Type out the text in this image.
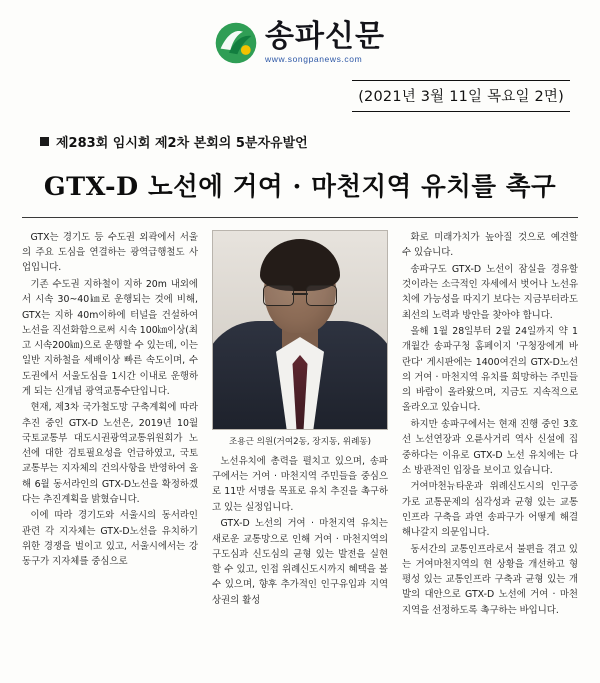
송파신문
www.songpanews.com
(2021년 3월 11일 목요일 2면)
제283회 임시회 제2차 본회의 5분자유발언
GTX-D 노선에 거여 · 마천지역 유치를 촉구

GTX는 경기도 등 수도권 외곽에서 서울의 주요 도심을 연결하는 광역급행철도 사업입니다.

기존 수도권 지하철이 지하 20m 내외에서 시속 30~40㎞로 운행되는 것에 비해, GTX는 지하 40m이하에 터널을 건설하여 노선을 직선화함으로써 시속 100㎞이상(최고 시속200㎞)으로 운행할 수 있는데, 이는 일반 지하철을 세배이상 빠른 속도이며, 수도권에서 서울도심을 1시간 이내로 운행하게 되는 신개념 광역교통수단입니다.

현재, 제3차 국가철도망 구축계획에 따라 추진 중인 GTX-D 노선은, 2019년 10월 국토교통부 대도시권광역교통위원회가 노선에 대한 검토필요성을 언급하였고, 국토교통부는 지자체의 건의사항을 반영하여 올해 6월 동서라인의 GTX-D노선을 확정하겠다는 추진계획을 밝혔습니다.

이에 따라 경기도와 서울시의 동서라인 관련 각 지자체는 GTX-D노선을 유치하기 위한 경쟁을 벌이고 있고, 서울시에서는 강동구가 지자체를 중심으로

조용근 의원(거여2동, 장지동, 위례동)

노선유치에 총력을 펼치고 있으며, 송파구에서는 거여 · 마천지역 주민들을 중심으로 11만 서명을 목표로 유치 추진을 촉구하고 있는 실정입니다.

GTX-D 노선의 거여 · 마천지역 유치는 새로운 교통망으로 인해 거여 · 마천지역의 구도심과 신도심의 균형 있는 발전을 실현할 수 있고, 인접 위례신도시까지 혜택을 볼 수 있으며, 향후 추가적인 인구유입과 지역상권의 활성

화로 미래가치가 높아질 것으로 예견할 수 있습니다.

송파구도 GTX-D 노선이 잠실을 경유할 것이라는 소극적인 자세에서 벗어나 노선유치에 가능성을 따지기 보다는 지금부터라도 최선의 노력과 방안을 찾아야 합니다.

올해 1월 28일부터 2월 24일까지 약 1개월간 송파구청 홈페이지 '구청장에게 바란다' 게시판에는 1400여건의 GTX-D노선의 거여 · 마천지역 유치를 희망하는 주민들의 바람이 올라왔으며, 지금도 지속적으로 올라오고 있습니다.

하지만 송파구에서는 현재 진행 중인 3호선 노선연장과 오륜사거리 역사 신설에 집중하다는 이유로 GTX-D 노선 유치에는 다소 방관적인 입장을 보이고 있습니다.

거여마천뉴타운과 위례신도시의 인구증가로 교통문제의 심각성과 균형 있는 교통인프라 구축을 과연 송파구가 어떻게 해결해나갈지 의문입니다.

동서간의 교통인프라로서 불편을 겪고 있는 거여마천지역의 현 상황을 개선하고 형평성 있는 교통인프라 구축과 균형 있는 개발의 대안으로 GTX-D 노선에 거여 · 마천지역을 선정하도록 촉구하는 바입니다.
